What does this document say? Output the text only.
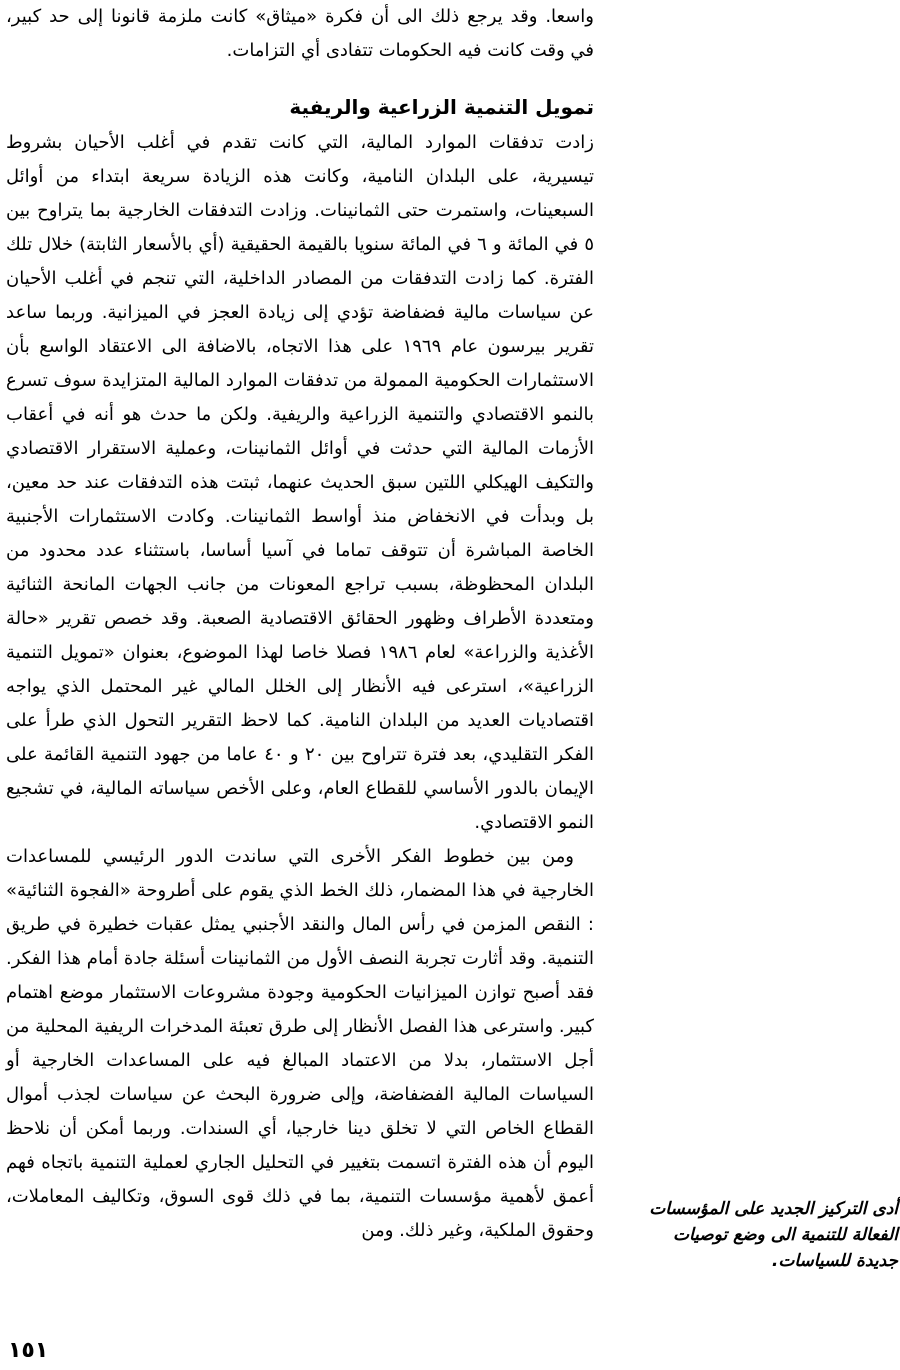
واسعا. وقد يرجع ذلك الى أن فكرة «ميثاق» كانت ملزمة قانونا إلى حد كبير، في وقت كانت فيه الحكومات تتفادى أي التزامات.

تمويل التنمية الزراعية والريفية

زادت تدفقات الموارد المالية، التي كانت تقدم في أغلب الأحيان بشروط تيسيرية، على البلدان النامية، وكانت هذه الزيادة سريعة ابتداء من أوائل السبعينات، واستمرت حتى الثمانينات. وزادت التدفقات الخارجية بما يتراوح بين ٥ في المائة و ٦ في المائة سنويا بالقيمة الحقيقية (أي بالأسعار الثابتة) خلال تلك الفترة. كما زادت التدفقات من المصادر الداخلية، التي تنجم في أغلب الأحيان عن سياسات مالية فضفاضة تؤدي إلى زيادة العجز في الميزانية. وربما ساعد تقرير بيرسون عام ١٩٦٩ على هذا الاتجاه، بالاضافة الى الاعتقاد الواسع بأن الاستثمارات الحكومية الممولة من تدفقات الموارد المالية المتزايدة سوف تسرع بالنمو الاقتصادي والتنمية الزراعية والريفية. ولكن ما حدث هو أنه في أعقاب الأزمات المالية التي حدثت في أوائل الثمانينات، وعملية الاستقرار الاقتصادي والتكيف الهيكلي اللتين سبق الحديث عنهما، ثبتت هذه التدفقات عند حد معين، بل وبدأت في الانخفاض منذ أواسط الثمانينات. وكادت الاستثمارات الأجنبية الخاصة المباشرة أن تتوقف تماما في آسيا أساسا، باستثناء عدد محدود من البلدان المحظوظة، بسبب تراجع المعونات من جانب الجهات المانحة الثنائية ومتعددة الأطراف وظهور الحقائق الاقتصادية الصعبة. وقد خصص تقرير «حالة الأغذية والزراعة» لعام ١٩٨٦ فصلا خاصا لهذا الموضوع، بعنوان «تمويل التنمية الزراعية»، استرعى فيه الأنظار إلى الخلل المالي غير المحتمل الذي يواجه اقتصاديات العديد من البلدان النامية. كما لاحظ التقرير التحول الذي طرأ على الفكر التقليدي، بعد فترة تتراوح بين ٢٠ و ٤٠ عاما من جهود التنمية القائمة على الإيمان بالدور الأساسي للقطاع العام، وعلى الأخص سياساته المالية، في تشجيع النمو الاقتصادي.

ومن بين خطوط الفكر الأخرى التي ساندت الدور الرئيسي للمساعدات الخارجية في هذا المضمار، ذلك الخط الذي يقوم على أطروحة «الفجوة الثنائية» : النقص المزمن في رأس المال والنقد الأجنبي يمثل عقبات خطيرة في طريق التنمية. وقد أثارت تجربة النصف الأول من الثمانينات أسئلة جادة أمام هذا الفكر. فقد أصبح توازن الميزانيات الحكومية وجودة مشروعات الاستثمار موضع اهتمام كبير. واسترعى هذا الفصل الأنظار إلى طرق تعبئة المدخرات الريفية المحلية من أجل الاستثمار، بدلا من الاعتماد المبالغ فيه على المساعدات الخارجية أو السياسات المالية الفضفاضة، وإلى ضرورة البحث عن سياسات لجذب أموال القطاع الخاص التي لا تخلق دينا خارجيا، أي السندات. وربما أمكن أن نلاحظ اليوم أن هذه الفترة اتسمت بتغيير في التحليل الجاري لعملية التنمية باتجاه فهم أعمق لأهمية مؤسسات التنمية، بما في ذلك قوى السوق، وتكاليف المعاملات، وحقوق الملكية، وغير ذلك. ومن

أدى التركيز الجديد على المؤسسات الفعالة للتنمية الى وضع توصيات جديدة للسياسات.

١٥١
